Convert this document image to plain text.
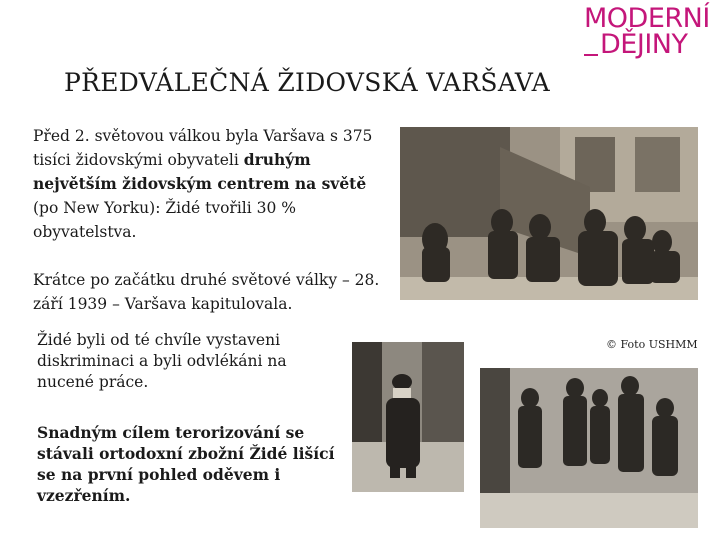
MODERNÍ
DĚJINY
PŘEDVÁLEČNÁ ŽIDOVSKÁ VARŠAVA
Před 2. světovou válkou byla Varšava s 375 tisíci židovskými obyvateli druhým největším židovským centrem na světě (po New Yorku): Židé tvořili 30 % obyvatelstva.
Krátce po začátku druhé světové války – 28. září 1939 – Varšava kapitulovala.
Židé byli od té chvíle vystaveni diskriminaci a byli odvlékáni na nucené práce.
Snadným cílem terorizování se stávali ortodoxní zbožní Židé lišící se na první pohled oděvem i vzezřením.
© Foto USHMM
